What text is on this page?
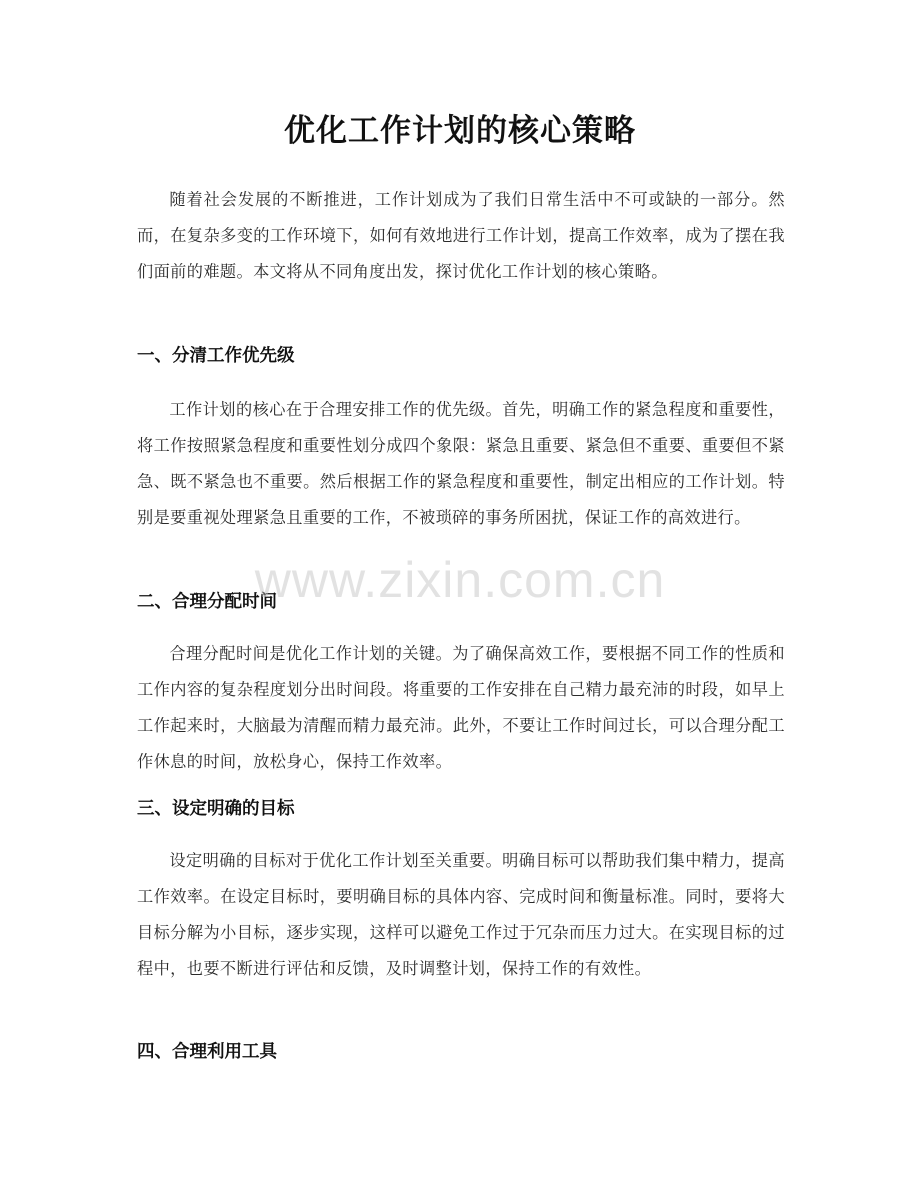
优化工作计划的核心策略

随着社会发展的不断推进，工作计划成为了我们日常生活中不可或缺的一部分。然而，在复杂多变的工作环境下，如何有效地进行工作计划，提高工作效率，成为了摆在我们面前的难题。本文将从不同角度出发，探讨优化工作计划的核心策略。

一、分清工作优先级

工作计划的核心在于合理安排工作的优先级。首先，明确工作的紧急程度和重要性，将工作按照紧急程度和重要性划分成四个象限：紧急且重要、紧急但不重要、重要但不紧急、既不紧急也不重要。然后根据工作的紧急程度和重要性，制定出相应的工作计划。特别是要重视处理紧急且重要的工作，不被琐碎的事务所困扰，保证工作的高效进行。

二、合理分配时间

合理分配时间是优化工作计划的关键。为了确保高效工作，要根据不同工作的性质和工作内容的复杂程度划分出时间段。将重要的工作安排在自己精力最充沛的时段，如早上工作起来时，大脑最为清醒而精力最充沛。此外，不要让工作时间过长，可以合理分配工作休息的时间，放松身心，保持工作效率。

三、设定明确的目标

设定明确的目标对于优化工作计划至关重要。明确目标可以帮助我们集中精力，提高工作效率。在设定目标时，要明确目标的具体内容、完成时间和衡量标准。同时，要将大目标分解为小目标，逐步实现，这样可以避免工作过于冗杂而压力过大。在实现目标的过程中，也要不断进行评估和反馈，及时调整计划，保持工作的有效性。

四、合理利用工具
www.zixin.com.cn
